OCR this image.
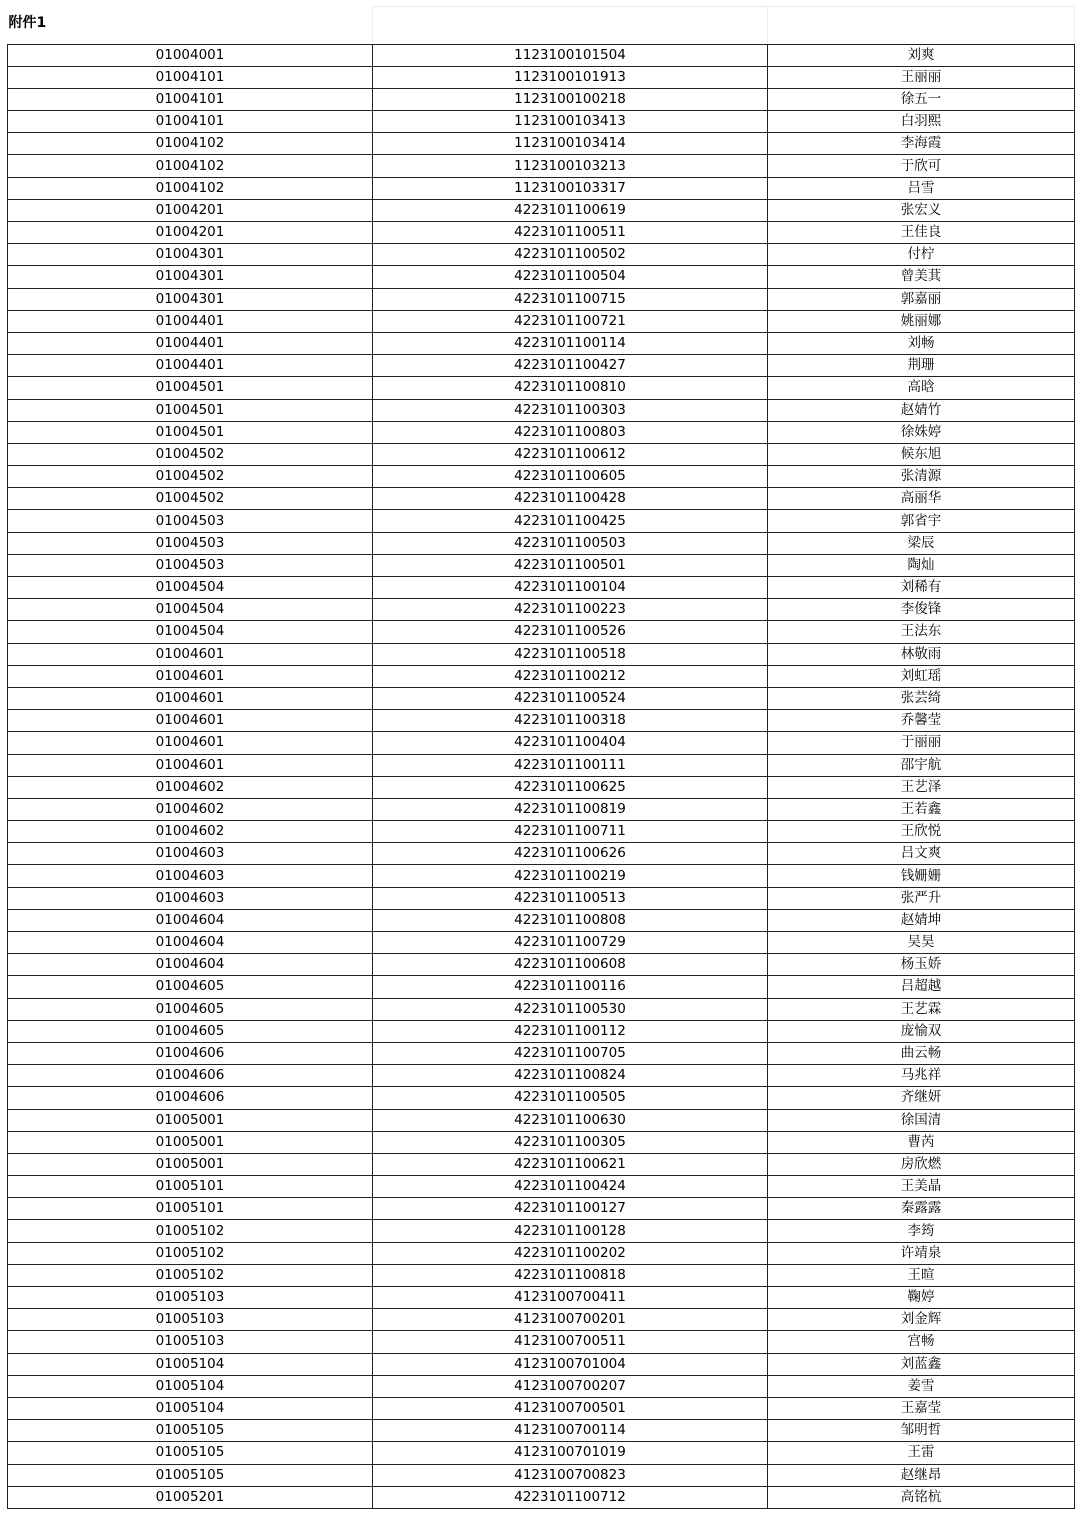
附件1		
01004001	1123100101504	刘爽
01004101	1123100101913	王丽丽
01004101	1123100100218	徐五一
01004101	1123100103413	白羽熙
01004102	1123100103414	李海霞
01004102	1123100103213	于欣可
01004102	1123100103317	吕雪
01004201	4223101100619	张宏义
01004201	4223101100511	王佳良
01004301	4223101100502	付柠
01004301	4223101100504	曾美萁
01004301	4223101100715	郭嘉丽
01004401	4223101100721	姚丽娜
01004401	4223101100114	刘畅
01004401	4223101100427	荆珊
01004501	4223101100810	高晗
01004501	4223101100303	赵婧竹
01004501	4223101100803	徐姝婷
01004502	4223101100612	候东旭
01004502	4223101100605	张清源
01004502	4223101100428	高丽华
01004503	4223101100425	郭省宇
01004503	4223101100503	梁辰
01004503	4223101100501	陶灿
01004504	4223101100104	刘稀有
01004504	4223101100223	李俊锋
01004504	4223101100526	王法东
01004601	4223101100518	林敬雨
01004601	4223101100212	刘虹瑶
01004601	4223101100524	张芸绮
01004601	4223101100318	乔馨莹
01004601	4223101100404	于丽丽
01004601	4223101100111	邵宇航
01004602	4223101100625	王艺泽
01004602	4223101100819	王若鑫
01004602	4223101100711	王欣悦
01004603	4223101100626	吕文爽
01004603	4223101100219	钱姗姗
01004603	4223101100513	张严升
01004604	4223101100808	赵婧坤
01004604	4223101100729	吴昊
01004604	4223101100608	杨玉娇
01004605	4223101100116	吕超越
01004605	4223101100530	王艺霖
01004605	4223101100112	庞愉双
01004606	4223101100705	曲云畅
01004606	4223101100824	马兆祥
01004606	4223101100505	齐继妍
01005001	4223101100630	徐国清
01005001	4223101100305	曹芮
01005001	4223101100621	房欣燃
01005101	4223101100424	王美晶
01005101	4223101100127	秦露露
01005102	4223101100128	李筠
01005102	4223101100202	许靖泉
01005102	4223101100818	王暄
01005103	4123100700411	鞠婷
01005103	4123100700201	刘金辉
01005103	4123100700511	宫畅
01005104	4123100701004	刘蓝鑫
01005104	4123100700207	姜雪
01005104	4123100700501	王嘉莹
01005105	4123100700114	邹明哲
01005105	4123100701019	王雷
01005105	4123100700823	赵继昂
01005201	4223101100712	高铭杭
